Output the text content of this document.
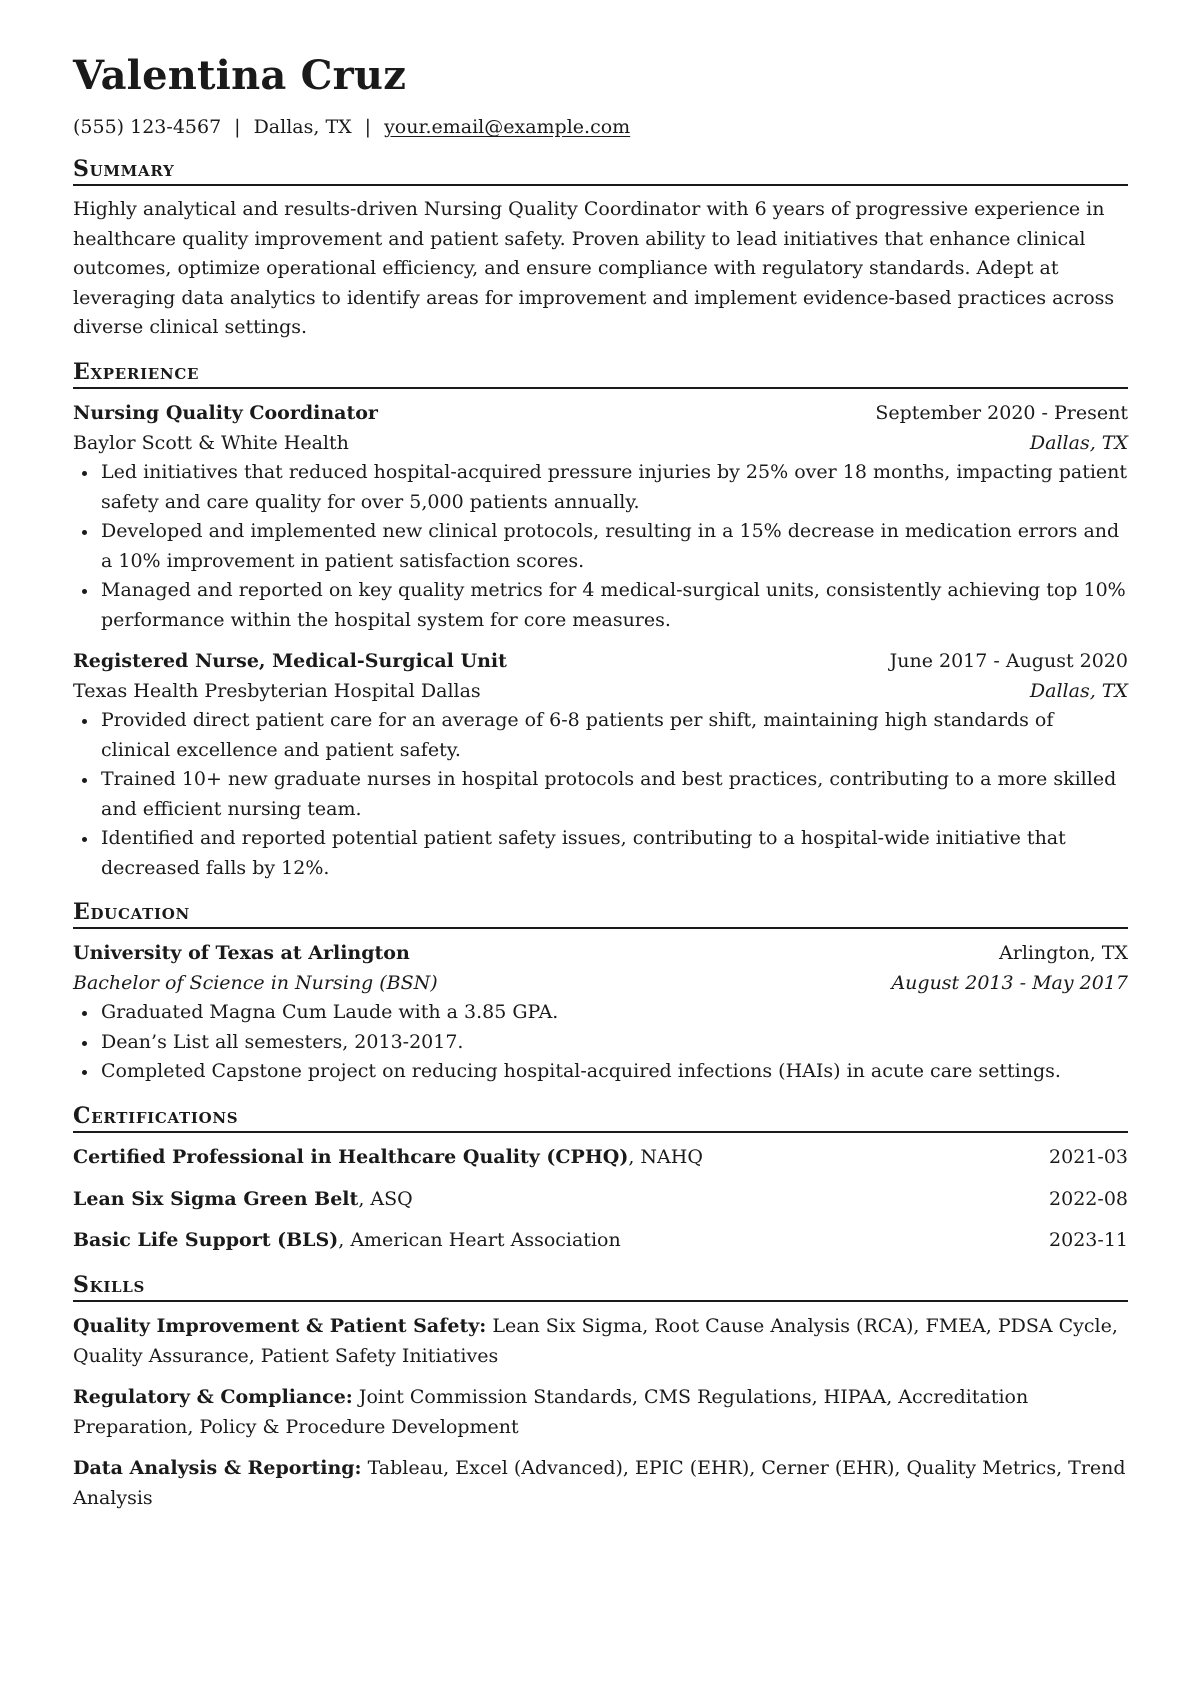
Valentina Cruz
(555) 123-4567 | Dallas, TX | your.email@example.com
Summary
Highly analytical and results-driven Nursing Quality Coordinator with 6 years of progressive experience in healthcare quality improvement and patient safety. Proven ability to lead initiatives that enhance clinical outcomes, optimize operational efficiency, and ensure compliance with regulatory standards. Adept at leveraging data analytics to identify areas for improvement and implement evidence-based practices across diverse clinical settings.
Experience
Nursing Quality Coordinator	September 2020 - Present
Baylor Scott & White Health	Dallas, TX
Led initiatives that reduced hospital-acquired pressure injuries by 25% over 18 months, impacting patient safety and care quality for over 5,000 patients annually.
Developed and implemented new clinical protocols, resulting in a 15% decrease in medication errors and a 10% improvement in patient satisfaction scores.
Managed and reported on key quality metrics for 4 medical-surgical units, consistently achieving top 10% performance within the hospital system for core measures.
Registered Nurse, Medical-Surgical Unit	June 2017 - August 2020
Texas Health Presbyterian Hospital Dallas	Dallas, TX
Provided direct patient care for an average of 6-8 patients per shift, maintaining high standards of clinical excellence and patient safety.
Trained 10+ new graduate nurses in hospital protocols and best practices, contributing to a more skilled and efficient nursing team.
Identified and reported potential patient safety issues, contributing to a hospital-wide initiative that decreased falls by 12%.
Education
University of Texas at Arlington	Arlington, TX
Bachelor of Science in Nursing (BSN)	August 2013 - May 2017
Graduated Magna Cum Laude with a 3.85 GPA.
Dean’s List all semesters, 2013-2017.
Completed Capstone project on reducing hospital-acquired infections (HAIs) in acute care settings.
Certifications
Certified Professional in Healthcare Quality (CPHQ), NAHQ	2021-03
Lean Six Sigma Green Belt, ASQ	2022-08
Basic Life Support (BLS), American Heart Association	2023-11
Skills
Quality Improvement & Patient Safety: Lean Six Sigma, Root Cause Analysis (RCA), FMEA, PDSA Cycle, Quality Assurance, Patient Safety Initiatives
Regulatory & Compliance: Joint Commission Standards, CMS Regulations, HIPAA, Accreditation Preparation, Policy & Procedure Development
Data Analysis & Reporting: Tableau, Excel (Advanced), EPIC (EHR), Cerner (EHR), Quality Metrics, Trend Analysis
